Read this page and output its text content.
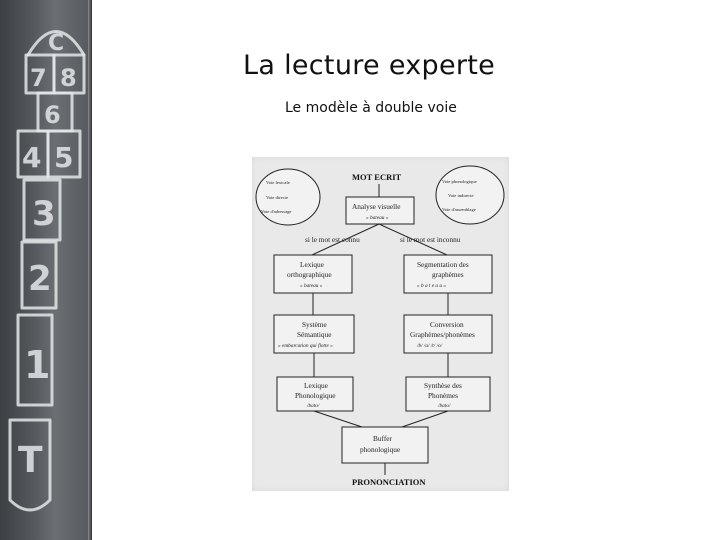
C
7 8
6
4 5
3
2
1
T
La lecture experte
Le modèle à double voie
Voie lexicale
Voie directe
Voie d'adressage
Voie phonologique
Voie indirecte
Voie d'assemblage
MOT ECRIT
Analyse visuelle
« bateau »
si le mot est connu	si le mot est inconnu
Lexique
orthographique
« bateau »
Segmentation des
graphèmes
« b a t e a u »
Système
Sémantique
« embarcation qui flotte »
Conversion
Graphèmes/phonèmes
/b/ /a/ /t/ /o/
Lexique
Phonologique
/bato/
Synthèse des
Phonèmes
/bato/
Buffer
phonologique
PRONONCIATION
